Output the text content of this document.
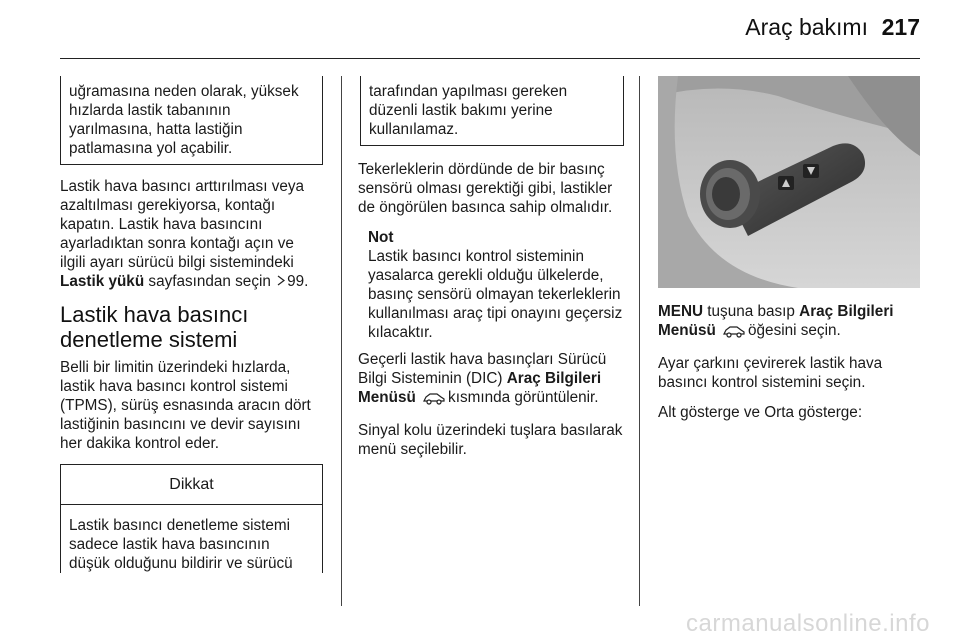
Araç bakımı 217

uğramasına neden olarak, yüksek hızlarda lastik tabanının yarılmasına, hatta lastiğin patlamasına yol açabilir.

Lastik hava basıncı arttırılması veya azaltılması gerekiyorsa, kontağı kapatın. Lastik hava basıncını ayarladıktan sonra kontağı açın ve ilgili ayarı sürücü bilgi sistemindeki Lastik yükü sayfasından seçin 99.

Lastik hava basıncı denetleme sistemi

Belli bir limitin üzerindeki hızlarda, lastik hava basıncı kontrol sistemi (TPMS), sürüş esnasında aracın dört lastiğinin basıncını ve devir sayısını her dakika kontrol eder.

Dikkat

Lastik basıncı denetleme sistemi sadece lastik hava basıncının düşük olduğunu bildirir ve sürücü

tarafından yapılması gereken düzenli lastik bakımı yerine kullanılamaz.

Tekerleklerin dördünde de bir basınç sensörü olması gerektiği gibi, lastikler de öngörülen basınca sahip olmalıdır.

Not

Lastik basıncı kontrol sisteminin yasalarca gerekli olduğu ülkelerde, basınç sensörü olmayan tekerleklerin kullanılması araç tipi onayını geçersiz kılacaktır.

Geçerli lastik hava basınçları Sürücü Bilgi Sisteminin (DIC) Araç Bilgileri Menüsü kısmında görüntülenir.

Sinyal kolu üzerindeki tuşlara basılarak menü seçilebilir.

MENU tuşuna basıp Araç Bilgileri Menüsü öğesini seçin.

Ayar çarkını çevirerek lastik hava basıncı kontrol sistemini seçin.

Alt gösterge ve Orta gösterge:

carmanualsonline.info
